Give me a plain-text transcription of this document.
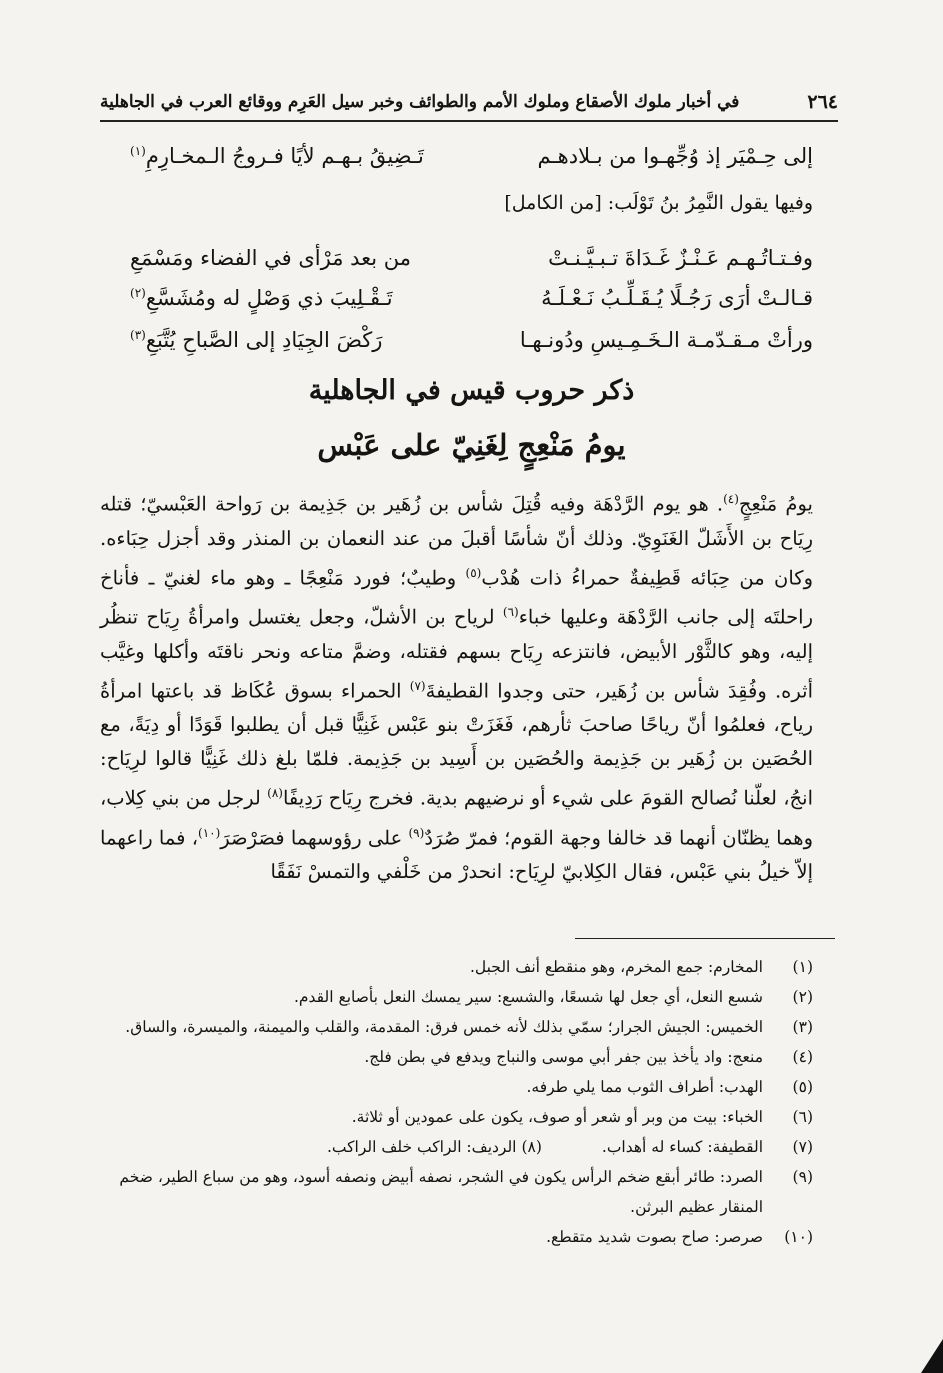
٢٦٤
في أخبار ملوك الأصقاع وملوك الأمم والطوائف وخبر سيل العَرِم ووقائع العرب في الجاهلية
إلى حِـمْيَر إذ وُجِّهـوا من بـلادهـم
تَـضِيقُ بـهـم لأيًا فـروجُ الـمخـارِمِ$^{(١)}$
وفيها يقول النَّمِرُ بنُ تَوْلَب: [من الكامل]
وفـتـاتُـهـم عَـنْـزٌ غَـدَاةَ تـبـيَّـنـتْ
من بعد مَرْأى في الفضاء ومَسْمَعِ
قـالـتْ أرَى رَجُـلًا يُـقَـلِّـبُ نَـعْـلَـهُ
تَـقْـلِيبَ ذي وَصْلٍ له ومُشَسَّعِ$^{(٢)}$
ورأتْ مـقـدّمـة الـخَـمِـيسِ ودُونـهـا
رَكْضَ الجِيَادِ إلى الصَّباحِ يُتَّبَعِ$^{(٣)}$
ذكر حروب قيس في الجاهلية
يومُ مَنْعِجٍ لِغَنِيّ على عَبْس
يومُ مَنْعِجٍ$^{(٤)}$. هو يوم الرَّدْهَة وفيه قُتِلَ شأس بن زُهَير بن جَذِيمة بن رَواحة العَبْسيّ؛ قتله رِيَاح بن الأَشَلّ الغَنَوِيّ. وذلك أنّ شأسًا أقبلَ من عند النعمان بن المنذر وقد أجزل حِبَاءه. وكان من حِبَائه قَطِيفةٌ حمراءُ ذات هُدْب$^{(٥)}$ وطيبٌ؛ فورد مَنْعِجًا ـ وهو ماء لغنيّ ـ فأناخ راحلتَه إلى جانب الرَّدْهَة وعليها خباء$^{(٦)}$ لرياح بن الأشلّ، وجعل يغتسل وامرأةُ رِيَاح تنظُر إليه، وهو كالثَّوْر الأبيض، فانتزعه رِيَاح بسهم فقتله، وضمَّ متاعه ونحر ناقتَه وأكلها وغيَّب أثره. وفُقِدَ شأس بن زُهَير، حتى وجدوا القطيفةَ$^{(٧)}$ الحمراء بسوق عُكَاظ قد باعتها امرأةُ رياح، فعلمُوا أنّ رياحًا صاحبَ ثأرهم، فَغَزَتْ بنو عَبْس غَنِيًّا قبل أن يطلبوا قَوَدًا أو دِيَةً، مع الحُصَين بن زُهَير بن جَذِيمة والحُصَين بن أَسِيد بن جَذِيمة. فلمّا بلغ ذلك غَنِيًّا قالوا لرِيَاح: انجُ، لعلّنا نُصالح القومَ على شيء أو نرضيهم بدية. فخرج رِيَاح رَدِيفًا$^{(٨)}$ لرجل من بني كِلاب، وهما يظنّان أنهما قد خالفا وجهة القوم؛ فمرّ صُرَدٌ$^{(٩)}$ على رؤوسهما فصَرْصَرَ$^{(١٠)}$، فما راعهما إلاّ خيلُ بني عَبْس، فقال الكِلابيّ لرِيَاح: انحدرْ من خَلْفي والتمسْ نَفَقًا
(١)
المخارم: جمع المخرم، وهو منقطع أنف الجبل.
(٢)
شسع النعل، أي جعل لها شسعًا، والشسع: سير يمسك النعل بأصابع القدم.
(٣)
الخميس: الجيش الجرار؛ سمّي بذلك لأنه خمس فرق: المقدمة، والقلب والميمنة، والميسرة، والساق.
(٤)
منعج: واد يأخذ بين جفر أبي موسى والنباج ويدفع في بطن فلج.
(٥)
الهدب: أطراف الثوب مما يلي طرفه.
(٦)
الخباء: بيت من وبر أو شعر أو صوف، يكون على عمودين أو ثلاثة.
(٧)
القطيفة: كساء له أهداب.
(٨) الرديف: الراكب خلف الراكب.
(٩)
الصرد: طائر أبقع ضخم الرأس يكون في الشجر، نصفه أبيض ونصفه أسود، وهو من سباع الطير، ضخم المنقار عظيم البرثن.
(١٠)
صرصر: صاح بصوت شديد متقطع.
